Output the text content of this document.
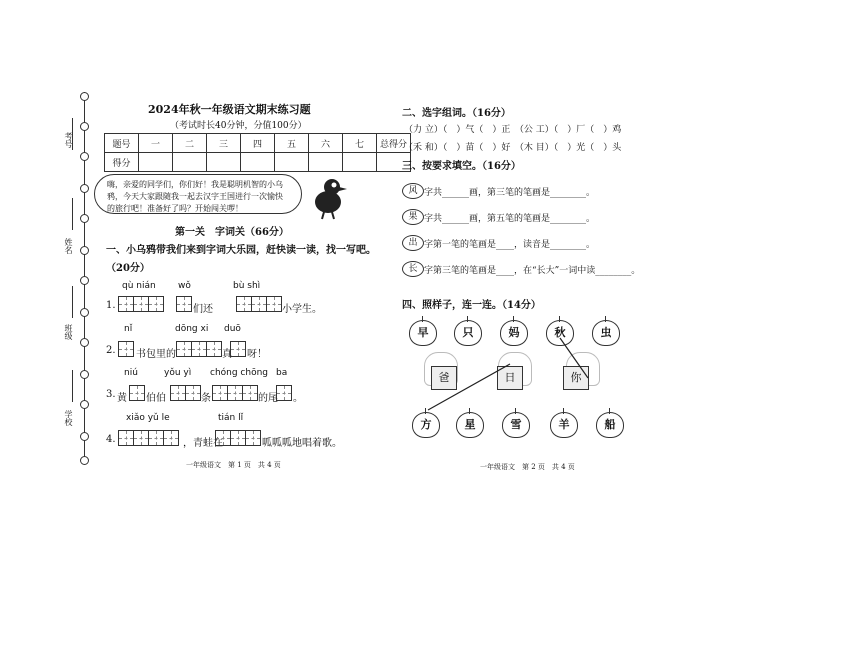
考号
姓名
班级
学校
2024年秋一年级语文期末练习题
（考试时长40分钟，分值100分）
题号	一	二	三	四	五	六	七	总得分
得分								
嗨，亲爱的同学们，你们好！我是聪明机智的小乌鸦，今天大家跟随我一起去汉字王国进行一次愉快的旅行吧！准备好了吗？开始闯关啰！
第一关　字词关（66分）
一、小乌鸦带我们来到字词大乐园，赶快读一读，找一写吧。
（20分）
qù nián wǒ	bù shì
1.	们还	小学生。
nǐ	dōng xi duō
2. 书包里的	真 呀！
niú	yǒu yì chóng chōng ba
3. 黄 伯伯	条	的尾 。
xiǎo yǔ le	tián lǐ
4.	，青蛙在	呱呱呱地唱着歌。
一年级语文　第 1 页　共 4 页
二、选字组词。（16分）
（力 立）（　）气（　）正　（公 工）（　）厂（　）鸡
（禾 和）（　）苗（　）好　（木 目）（　）光（　）头
三、按要求填空。（16分）
风 字共______画，第三笔的笔画是________。
果 字共______画，第五笔的笔画是________。
出 字第一笔的笔画是____，读音是________。
长 字第三笔的笔画是____，在“长大”一词中读________。
四、照样子，连一连。（14分）
早	只	妈	秋	虫
爸	日	你
方	星	雪	羊	船
一年级语文　第 2 页　共 4 页
